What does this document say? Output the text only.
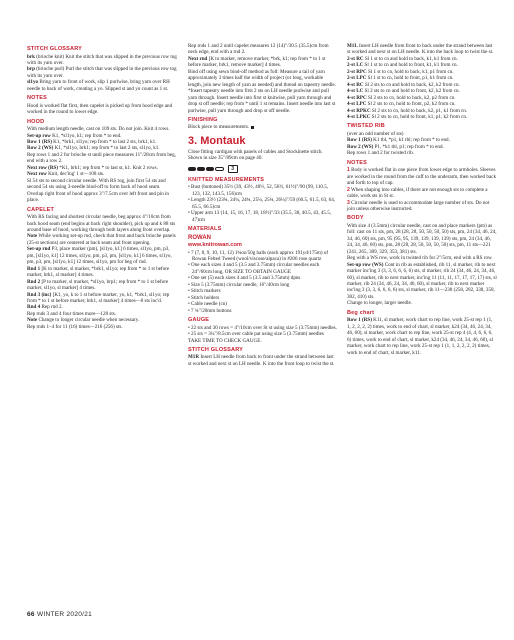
STITCH GLOSSARY

brk (brioche knit) Knit the stitch that was slipped in the previous row tog with its yarn over.

brp (brioche purl) Purl the stitch that was slipped in the previous row tog with its yarn over.

sl1yo Bring yarn to front of work, slip 1 purlwise, bring yarn over RH needle to back of work, creating a yo. Slipped st and yo count as 1 st.

NOTES

Hood is worked flat first, then capelet is picked up from hood edge and worked in the round to lower edge.

HOOD

With medium length needle, cast on 109 sts. Do not join. Knit 4 rows.

Set-up row K1, *sl1yo, k1; rep from * to end.

Row 1 (RS) K1, *brk1, sl1yo; rep from * to last 2 sts, brk1, k1.

Row 2 (WS) K1, *sl1yo, brk1; rep from * to last 2 sts, sl1yo, k1.

Rep rows 1 and 2 for brioche st until piece measures 11"/28cm from beg, end with a row 2.

Next row (RS) *K1, brk1; rep from * to last st, k1. Knit 2 rows.

Next row Knit, dec'ing' 1 st—108 sts.

Sl 54 sts to second circular needle. With RS tog, join first 54 sts and second 54 sts using 3-needle bind-off to form back of hood seam.

Overlap right front of hood approx 3"/7.5cm over left front and pin in place.

CAPELET

With RS facing and shortest circular needle, beg approx 4"/10cm from back hood seam (end begins at back right shoulder), pick up and k 88 sts around base of hood, working through both layers along front overlap.

Note While working set-up rnd, check that front and back brioche panels (25-st sections) are centered at back seam and front opening.

Set-up rnd P3, place marker (pm), [sl1yo, k1] 6 times, sl1yo, pm, p3, pm, [sl1yo, k1] 12 times, sl1yo, pm, p3, pm, [sl1yo, k1] 6 times, sl1yo, pm, p3, pm, [sl1yo, k1] 12 times, sl1yo, pm for beg of rnd.

Rnd 1 [K to marker, sl marker, *brk1, sl1yo; rep from * to 1 st before marker, brk1, sl marker] 4 times.

Rnd 2 [P to marker, sl marker, *sl1yo, brp1; rep from * to 1 st before marker, sl1yo, sl marker] 4 times.

Rnd 3 (inc) [K1, yo, k to 1 st before marker, yo, k1, *brk1, sl1yo; rep from * to 1 st before marker, brk1, sl marker] 4 times—8 sts inc'd.

Rnd 4 Rep rnd 2.

Rep rnds 3 and 4 four times more—128 sts.

Note Change to longer circular needle when necessary.

Rep rnds 1–4 for 11 (16) times—216 (256) sts.

Rep rnds 1 and 2 until capelet measures 12 (14)"/30.5 (35.5)cm from neck edge, end with a rnd 2.

Next rnd [K to marker, remove marker, *brk, k1; rep from * to 1 st before marker, brk1, remove marker] 4 times.

Bind off using sewn bind-off method as foll: Measure a tail of yarn approximately 3 times half the width of project (or long, workable length, join new length of yarn as needed) and thread on tapestry needle. *Insert tapestry needle into first 2 sts on LH needle purlwise and pull yarn through. Insert needle into first st knitwise, pull yarn through and drop st off needle; rep from * until 1 st remains. Insert needle into last st purlwise, pull yarn through and drop st off needle.

FINISHING

Block piece to measurements.

3. Montauk

Close fitting cardigan with panels of cables and Stockinette stitch. Shown in size 35"/89cm on page 40.

3
KNITTED MEASUREMENTS

• Bust (buttoned) 35½ (39, 43½, 48½, 52, 56½, 61½)"/90 (99, 110.5, 123, 132, 143.5, 156)cm

• Length 23½ (23¾, 24¼, 24¾, 25¼, 25¾, 26¼)"/59 (60.5, 61.5, 63, 64, 65.5, 66.5)cm

• Upper arm 13 (14, 15, 16, 17, 18, 18½)"/33 (35.5, 38, 40.5, 43, 45.5, 47)cm

MATERIALS
ROWAN
www.knitrowan.com

• 7 (7, 8, 9, 10, 11, 12) 1¾oz/50g balls (each approx 191yd/175m) of Rowan Felted Tweed (wool/viscose/alpaca) in #206 rose quartz

• One each sizes 4 and 5 (3.5 and 3.75mm) circular needles each 24"/60cm long, OR SIZE TO OBTAIN GAUGE

• One set (5) each sizes 4 and 5 (3.5 and 3.75mm) dpns

• Size 5 (3.75mm) circular needle, 16"/40cm long

• Stitch markers

• Stitch holders

• Cable needle (cn)

• 7 ¾"/20mm buttons

GAUGE

• 22 sts and 30 rows = 4"/10cm over St st using size 5 (3.75mm) needles.

• 25 sts = 3¼"/8.5cm over cable pat using size 5 (3.75mm) needles

TAKE TIME TO CHECK GAUGE.

STITCH GLOSSARY

M1R Insert LH needle from back to front under the strand between last st worked and next st on LH needle. K into the front loop to twist the st.

M1L Insert LH needle from front to back under the strand between last st worked and next st on LH needle. K into the back loop to twist the st.

2-st RC Sl 1 st to cn and hold to back, k1, k1 from cn.

2-st LC Sl 1 st to cn and hold to front, k1, k1 from cn.

2-st RPC Sl 1 st to cn, hold to back, k1, p1 from cn.

2-st LPC Sl 1 st to cn, hold to front, p1, k1 from cn.

4-st RC Sl 2 sts to cn and hold to back, k2, k2 from cn.

4-st LC Sl 2 sts to cn and hold to front, k2, k2 from cn.

4-st RPC Sl 2 sts to cn, hold to back, k2, p2 from cn.

4-st LPC Sl 2 sts to cn, hold to front, p2, k2 from cn.

4-st RPKC Sl 2 sts to cn, hold to back, k2, p1, k1 from cn.

4-st LPKC Sl 2 sts to cn, hold to front, k1, p1, k2 from cn.

TWISTED RIB

(over an odd number of sts)

Row 1 (RS) K1 tbl, *p1, k1 tbl; rep from * to end.

Row 2 (WS) P1, *k1 tbl, p1; rep from * to end.

Rep rows 1 and 2 for twisted rib.

NOTES

1 Body is worked flat in one piece from lower edge to armholes. Sleeves are worked in the round from the cuff to the underarm, then worked back and forth to top of cap.

2 When shaping into cables, if there are not enough sts to complete a cable, work sts in St st.

3 Circular needle is used to accommodate large number of sts. Do not join unless otherwise instructed.

BODY

With size 4 (3.5mm) circular needle, cast on and place markers (pm) as foll: cast on 11 sts, pm, 28 (28, 28, 50, 50, 50, 50) sts, pm, 24 (34, 46, 24, 34, 46, 60) sts, pm, 95 (95, 95, 139, 139, 139, 139) sts, pm, 24 (34, 46, 24, 34, 46, 60) sts, pm, 28 (28, 28, 50, 50, 50, 50) sts, pm, 11 sts—221 (241, 265, 309, 329, 353, 381) sts.

Beg with a WS row, work in twisted rib for 2"/5cm, end with a RS row.

Set-up row (WS) Cont in rib as established, rib 11, sl marker, rib to next marker inc'ing 3 (3, 3, 6, 6, 6, 6) sts, sl marker, rib 24 (34, 46, 24, 34, 46, 60), sl marker, rib to next marker, inc'ing 11 (11, 11, 17, 17, 17, 17) sts, sl marker, rib 24 (34, 46, 24, 34, 46, 60), sl marker, rib to next marker inc'ing 3 (3, 3, 6, 6, 6, 6) sts, sl marker, rib 11—238 (258, 282, 338, 358, 382, 410) sts.

Change to longer, larger needle.

Beg chart

Row 1 (RS) K11, sl marker, work chart to rep line, work 25-st rep 1 (1, 1, 2, 2, 2, 2) times, work to end of chart, sl marker, k24 (34, 46, 24, 34, 46, 60), sl marker, work chart to rep line, work 25-st rep 4 (4, 4, 6, 6, 6, 6) times, work to end of chart, sl marker, k24 (34, 46, 24, 34, 46, 60), sl marker, work chart to rep line, work 25-st rep 1 (1, 1, 2, 2, 2, 2) times, work to end of chart, sl marker, k11.

66 WINTER 2020/21
